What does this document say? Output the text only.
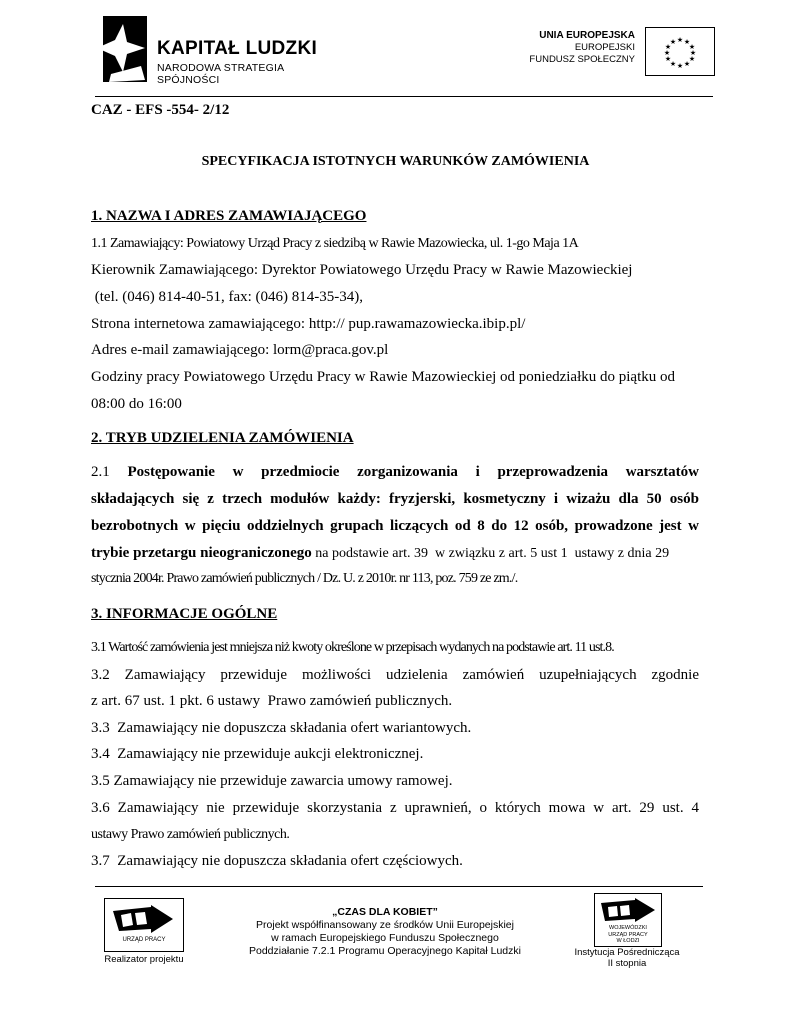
KAPITAŁ LUDZKI
NARODOWA STRATEGIA SPÓJNOŚCI
UNIA EUROPEJSKA
EUROPEJSKI
FUNDUSZ SPOŁECZNY
★ ★
★
★
★
★
★
★
★
★
★
★
CAZ - EFS -554- 2/12
SPECYFIKACJA ISTOTNYCH WARUNKÓW ZAMÓWIENIA
1. NAZWA I ADRES ZAMAWIAJĄCEGO
1.1 Zamawiający: Powiatowy Urząd Pracy z siedzibą w Rawie Mazowiecka, ul. 1-go Maja 1A
Kierownik Zamawiającego: Dyrektor Powiatowego Urzędu Pracy w Rawie Mazowieckiej
(tel. (046) 814-40-51, fax: (046) 814-35-34),
Strona internetowa zamawiającego: http:// pup.rawamazowiecka.ibip.pl/
Adres e-mail zamawiającego: lorm@praca.gov.pl
Godziny pracy Powiatowego Urzędu Pracy w Rawie Mazowieckiej od poniedziałku do piątku od
08:00 do 16:00
2. TRYB UDZIELENIA ZAMÓWIENIA
2.1 Postępowanie w przedmiocie zorganizowania i przeprowadzenia warsztatów
składających się z trzech modułów każdy: fryzjerski, kosmetyczny i wizażu dla 50 osób
bezrobotnych w pięciu oddzielnych grupach liczących od 8 do 12 osób, prowadzone jest w
trybie przetargu nieograniczonego na podstawie art. 39  w związku z art. 5 ust 1  ustawy z dnia 29
stycznia 2004r. Prawo zamówień publicznych / Dz. U. z 2010r. nr 113, poz. 759 ze zm./.
3. INFORMACJE OGÓLNE
3.1 Wartość zamówienia jest mniejsza niż kwoty określone w przepisach wydanych na podstawie art. 11 ust.8.
3.2 Zamawiający przewiduje możliwości udzielenia zamówień uzupełniających zgodnie
z art. 67 ust. 1 pkt. 6 ustawy  Prawo zamówień publicznych.
3.3  Zamawiający nie dopuszcza składania ofert wariantowych.
3.4  Zamawiający nie przewiduje aukcji elektronicznej.
3.5 Zamawiający nie przewiduje zawarcia umowy ramowej.
3.6 Zamawiający nie przewiduje skorzystania z uprawnień, o których mowa w art. 29 ust. 4
ustawy Prawo zamówień publicznych.
3.7  Zamawiający nie dopuszcza składania ofert częściowych.
URZĄD PRACY
Realizator projektu
„CZAS DLA KOBIET”
Projekt współfinansowany ze środków Unii Europejskiej
w ramach Europejskiego Funduszu Społecznego
Poddziałanie 7.2.1 Programu Operacyjnego Kapitał Ludzki
WOJEWÓDZKI
URZĄD PRACY
W ŁODZI
Instytucja Pośrednicząca
II stopnia
